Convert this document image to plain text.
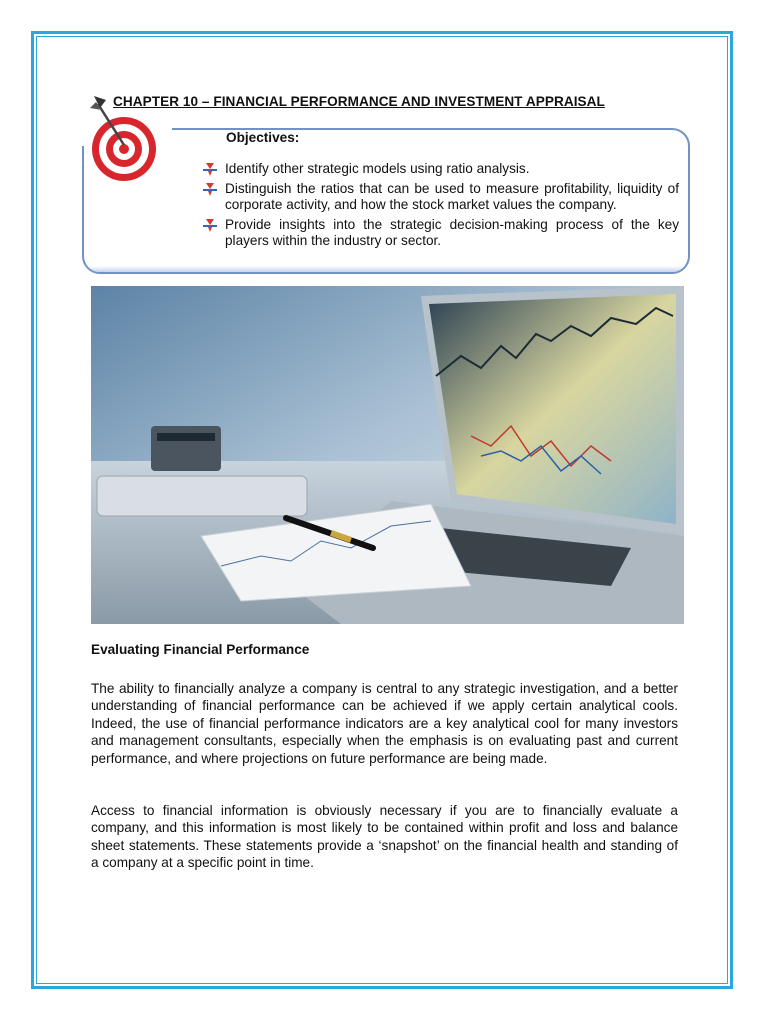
CHAPTER 10 – FINANCIAL PERFORMANCE AND INVESTMENT APPRAISAL
Objectives:
Identify other strategic models using ratio analysis.
Distinguish the ratios that can be used to measure profitability, liquidity of corporate activity, and how the stock market values the company.
Provide insights into the strategic decision-making process of the key players within the industry or sector.
Evaluating Financial Performance

The ability to financially analyze a company is central to any strategic investigation, and a better understanding of financial performance can be achieved if we apply certain analytical cools. Indeed, the use of financial performance indicators are a key analytical cool for many investors and management consultants, especially when the emphasis is on evaluating past and current performance, and where projections on future performance are being made.

Access to financial information is obviously necessary if you are to financially evaluate a company, and this information is most likely to be contained within profit and loss and balance sheet statements. These statements provide a ‘snapshot’ on the financial health and standing of a company at a specific point in time.
